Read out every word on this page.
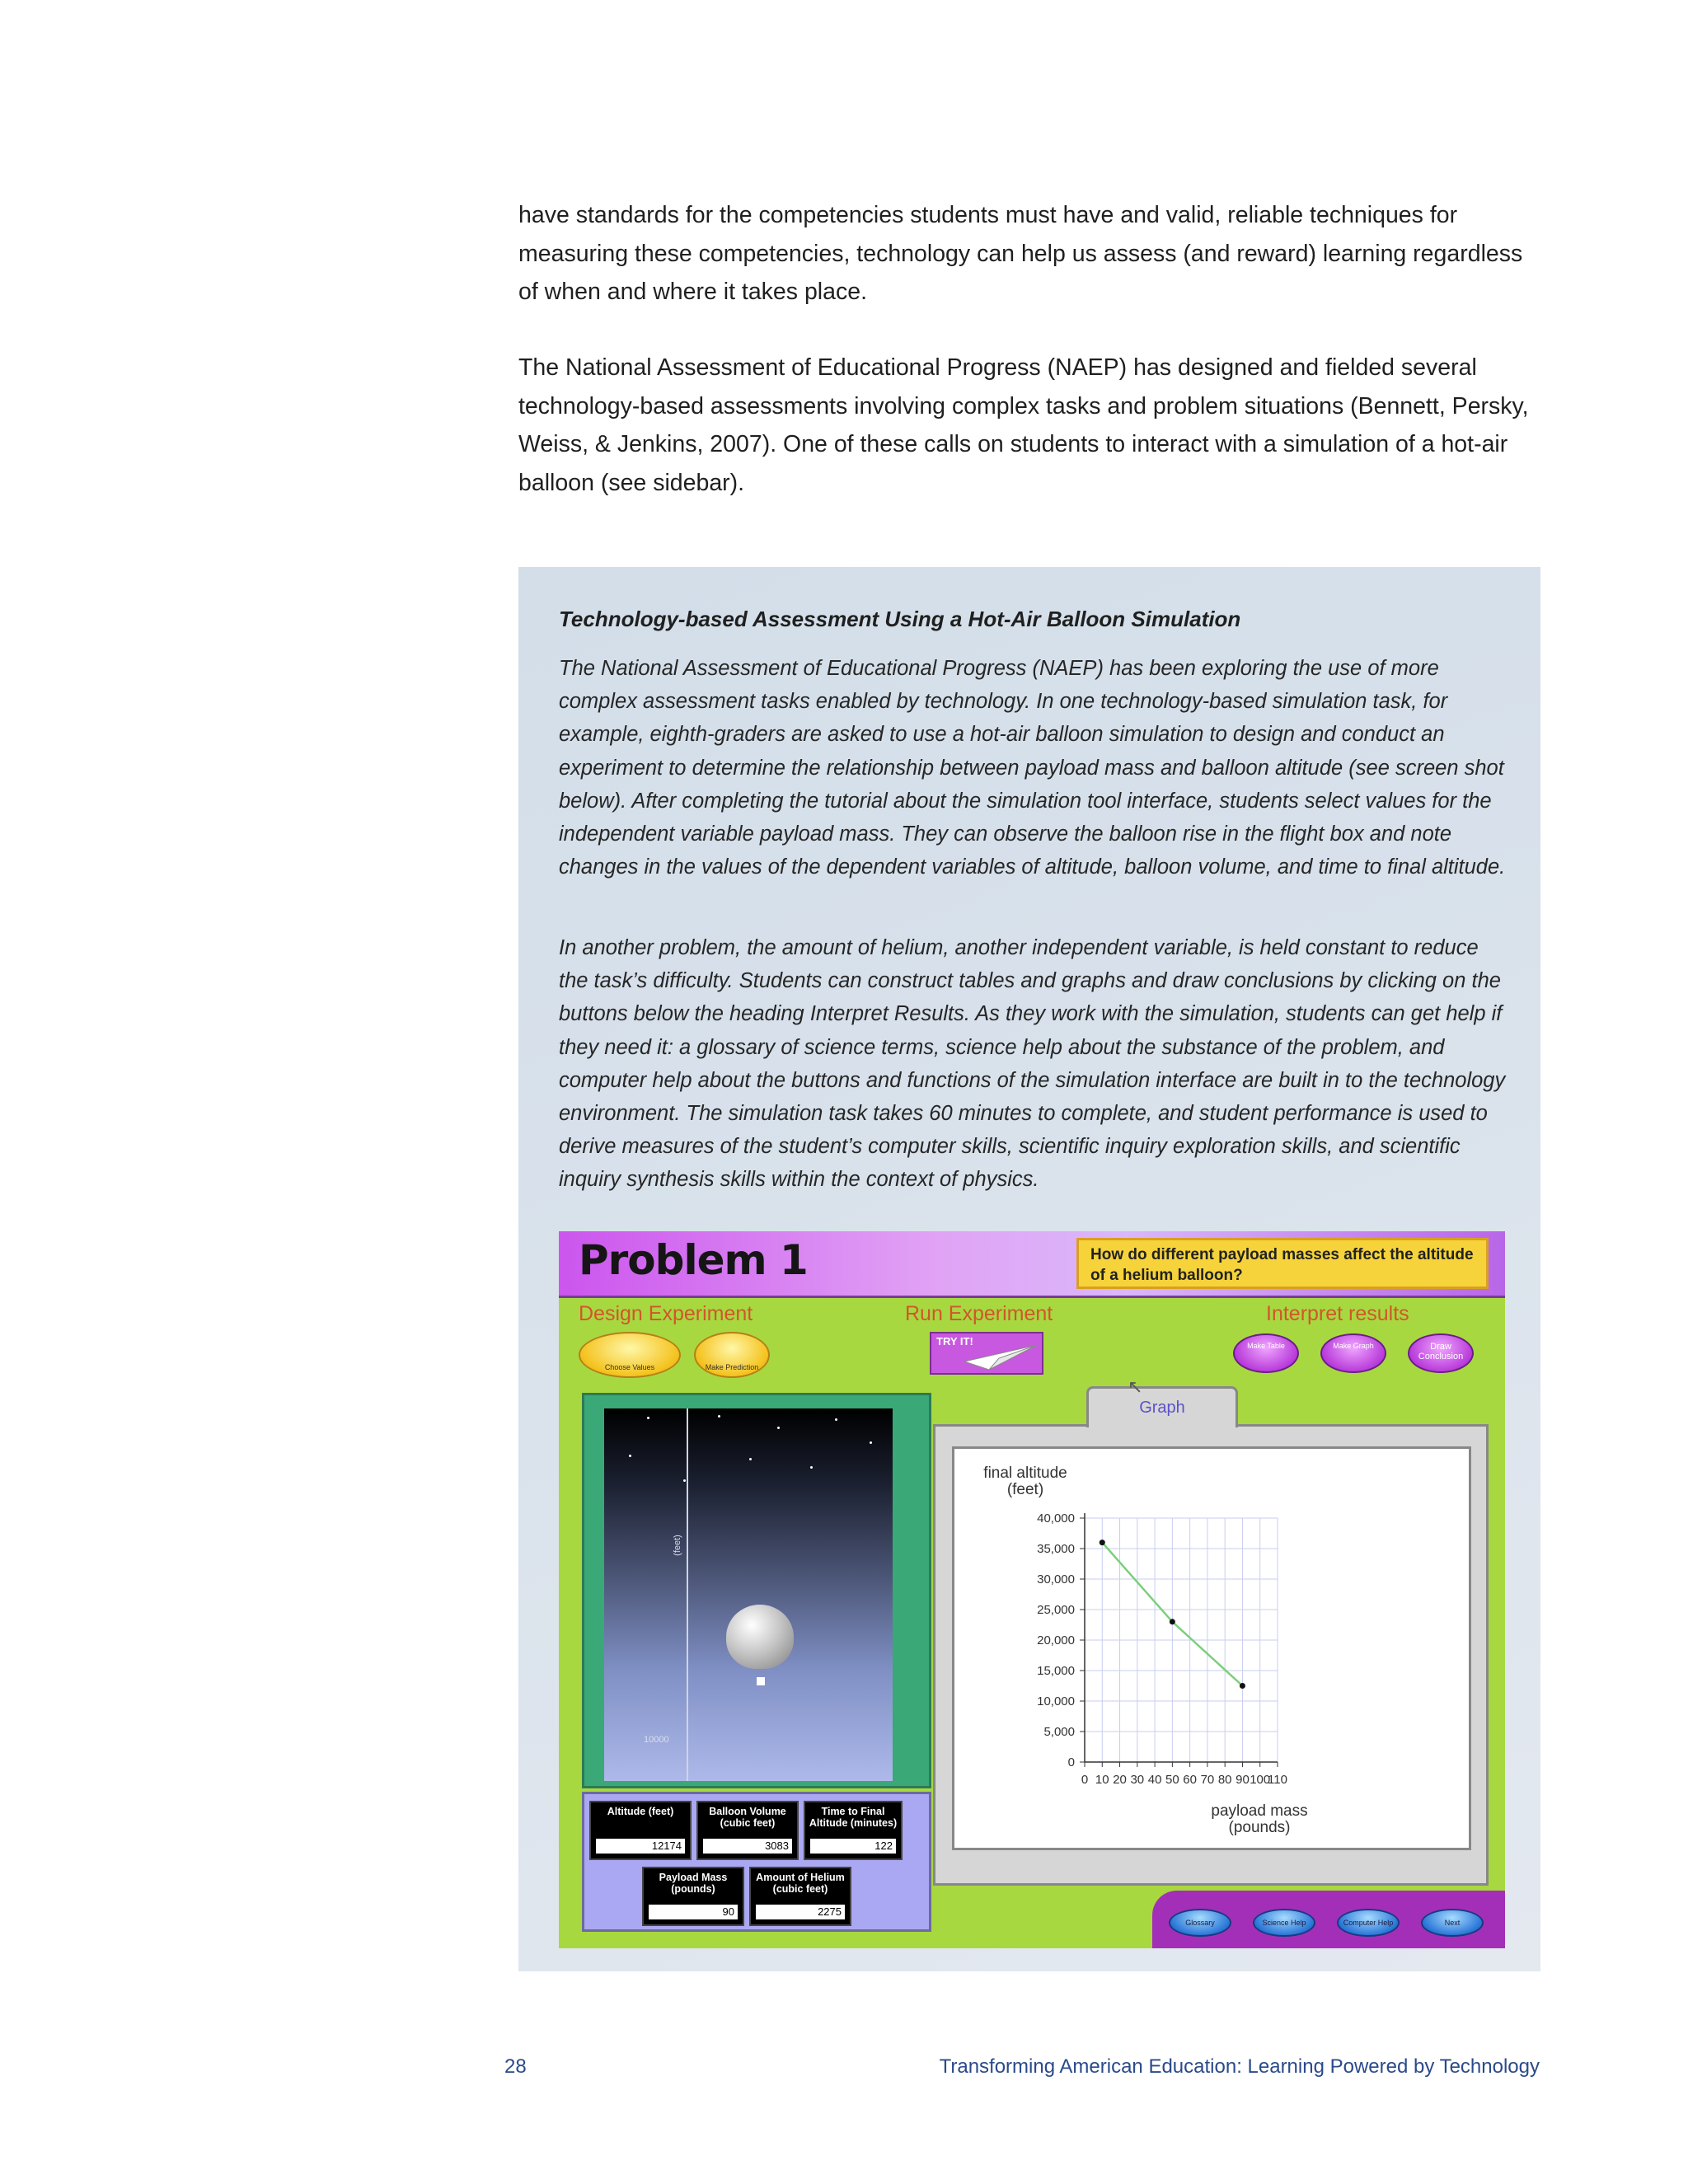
have standards for the competencies students must have and valid, reliable techniques for measuring these competencies, technology can help us assess (and reward) learning regardless of when and where it takes place.

The National Assessment of Educational Progress (NAEP) has designed and fielded several technology-based assessments involving complex tasks and problem situations (Bennett, Persky, Weiss, & Jenkins, 2007). One of these calls on students to interact with a simulation of a hot-air balloon (see sidebar).

Technology-based Assessment Using a Hot-Air Balloon Simulation

The National Assessment of Educational Progress (NAEP) has been exploring the use of more complex assessment tasks enabled by technology. In one technology-based simulation task, for example, eighth-graders are asked to use a hot-air balloon simulation to design and conduct an experiment to determine the relationship between payload mass and balloon altitude (see screen shot below). After completing the tutorial about the simulation tool interface, students select values for the independent variable payload mass. They can observe the balloon rise in the flight box and note changes in the values of the dependent variables of altitude, balloon volume, and time to final altitude.

In another problem, the amount of helium, another independent variable, is held constant to reduce the task’s difficulty. Students can construct tables and graphs and draw conclusions by clicking on the buttons below the heading Interpret Results. As they work with the simulation, students can get help if they need it: a glossary of science terms, science help about the substance of the problem, and computer help about the buttons and functions of the simulation interface are built in to the technology environment. The simulation task takes 60 minutes to complete, and student performance is used to derive measures of the student’s computer skills, scientific inquiry exploration skills, and scientific inquiry synthesis skills within the context of physics.

Problem 1	How do different payload masses affect the altitude of a helium balloon?
Design Experiment	Run Experiment	Interpret results
Choose Values	Make Prediction
TRY IT!	Make Table	Make Graph	Draw Conclusion
(feet)
10000
Altitude (feet)
12174
Balloon Volume (cubic feet)
3083
Time to Final Altitude (minutes)
122
Payload Mass (pounds)
90
Amount of Helium (cubic feet)
2275
0 10 20 30 40 50 60 70 80 90 100
110
0
5,000
10,000
15,000
20,000
25,000
30,000
35,000
40,000
final altitude (feet)
payload mass (pounds)
Graph
↖
Glossary	Science Help	Computer Help	Next
28	Transforming American Education: Learning Powered by Technology
